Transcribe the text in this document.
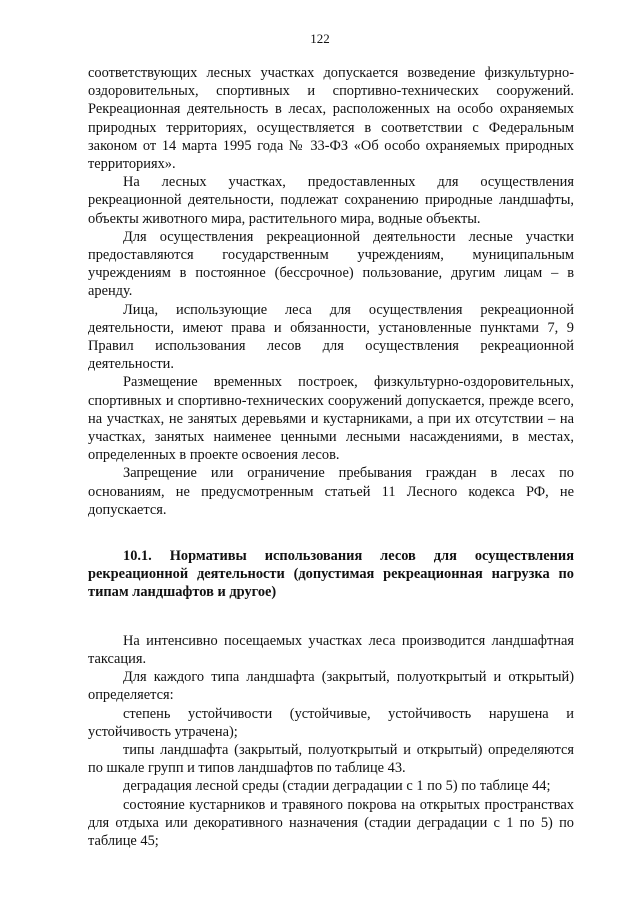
122

соответствующих лесных участках допускается возведение физкультурно-оздоровительных, спортивных и спортивно-технических сооружений. Рекреационная деятельность в лесах, расположенных на особо охраняемых природных территориях, осуществляется в соответствии с Федеральным законом от 14 марта 1995 года № 33-ФЗ «Об особо охраняемых природных территориях».

На лесных участках, предоставленных для осуществления рекреационной деятельности, подлежат сохранению природные ландшафты, объекты животного мира, растительного мира, водные объекты.

Для осуществления рекреационной деятельности лесные участки предоставляются государственным учреждениям, муниципальным учреждениям в постоянное (бессрочное) пользование, другим лицам – в аренду.

Лица, использующие леса для осуществления рекреационной деятельности, имеют права и обязанности, установленные пунктами 7, 9 Правил использования лесов для осуществления рекреационной деятельности.

Размещение временных построек, физкультурно-оздоровительных, спортивных и спортивно-технических сооружений допускается, прежде всего, на участках, не занятых деревьями и кустарниками, а при их отсутствии – на участках, занятых наименее ценными лесными насаждениями, в местах, определенных в проекте освоения лесов.

Запрещение или ограничение пребывания граждан в лесах по основаниям, не предусмотренным статьей 11 Лесного кодекса РФ, не допускается.

10.1. Нормативы использования лесов для осуществления рекреационной деятельности (допустимая рекреационная нагрузка по типам ландшафтов и другое)

На интенсивно посещаемых участках леса производится ландшафтная таксация.

Для каждого типа ландшафта (закрытый, полуоткрытый и открытый) определяется:

степень устойчивости (устойчивые, устойчивость нарушена и устойчивость утрачена);

типы ландшафта (закрытый, полуоткрытый и открытый) определяются по шкале групп и типов ландшафтов по таблице 43.

деградация лесной среды (стадии деградации с 1 по 5) по таблице 44;

состояние кустарников и травяного покрова на открытых пространствах для отдыха или декоративного назначения (стадии деградации с 1 по 5) по таблице 45;
